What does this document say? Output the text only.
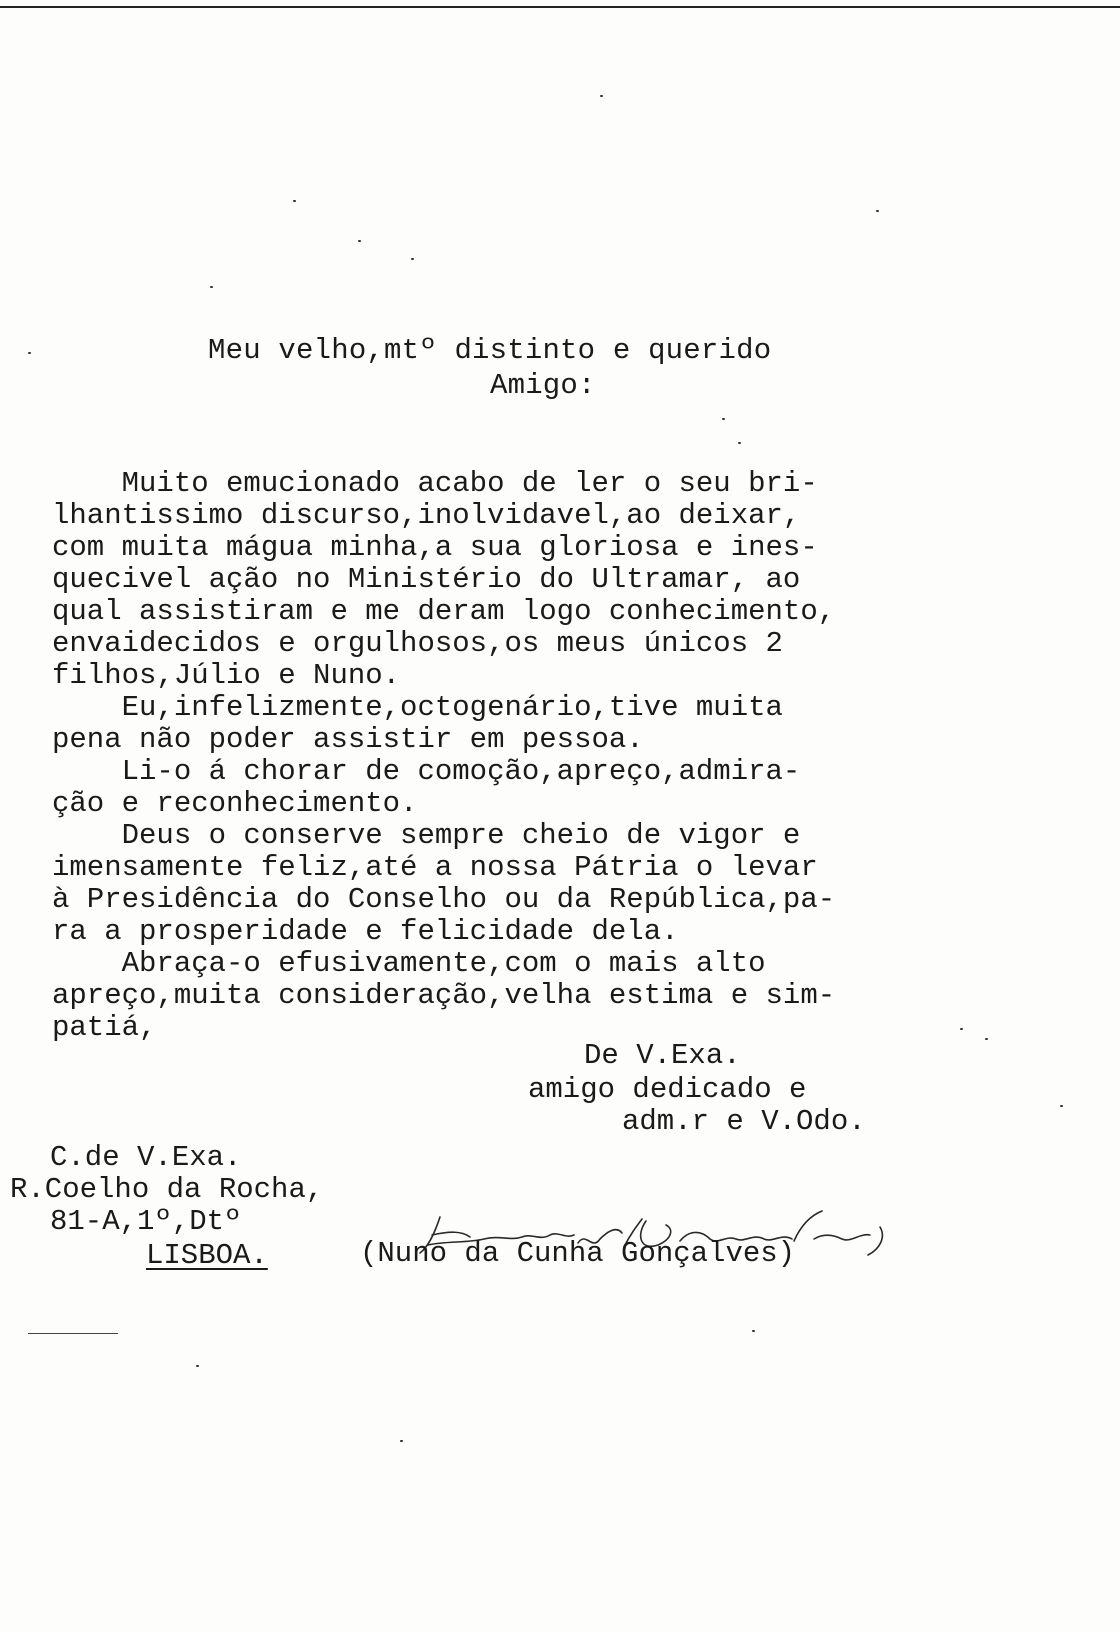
Meu velho,mtº distinto e querido
Amigo:
Muito emucionado acabo de ler o seu bri-
lhantissimo discurso,inolvidavel,ao deixar,
com muita mágua minha,a sua gloriosa e ines-
quecivel ação no Ministério do Ultramar, ao
qual assistiram e me deram logo conhecimento,
envaidecidos e orgulhosos,os meus únicos 2
filhos,Júlio e Nuno.
Eu,infelizmente,octogenário,tive muita
pena não poder assistir em pessoa.
Li-o á chorar de comoção,apreço,admira-
ção e reconhecimento.
Deus o conserve sempre cheio de vigor e
imensamente feliz,até a nossa Pátria o levar
à Presidência do Conselho ou da República,pa-
ra a prosperidade e felicidade dela.
Abraça-o efusivamente,com o mais alto
apreço,muita consideração,velha estima e sim-
patiá,
De V.Exa.
amigo dedicado e
adm.r e V.Odo.
C.de V.Exa.
R.Coelho da Rocha,
81-A,1º,Dtº
LISBOA.	(Nuno da Cunha Gonçalves)
